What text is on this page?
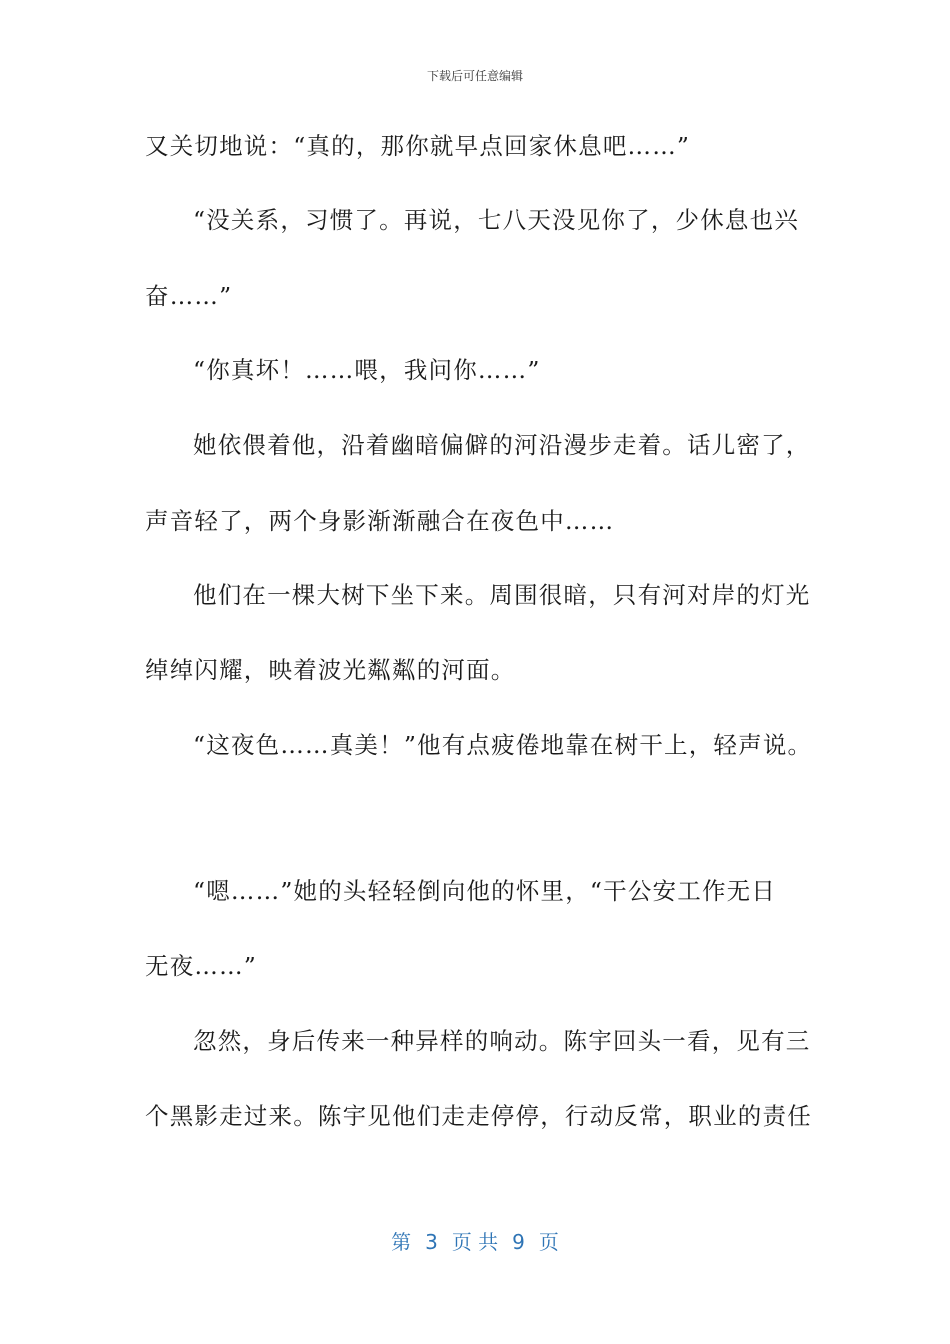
下载后可任意编辑
又关切地说：“真的，那你就早点回家休息吧……”
“没关系，习惯了。再说，七八天没见你了，少休息也兴
奋……”
“你真坏！……喂，我问你……”
她依偎着他，沿着幽暗偏僻的河沿漫步走着。话儿密了，
声音轻了，两个身影渐渐融合在夜色中……
他们在一棵大树下坐下来。周围很暗，只有河对岸的灯光
绰绰闪耀，映着波光粼粼的河面。
“这夜色……真美！”他有点疲倦地靠在树干上，轻声说。
“嗯……”她的头轻轻倒向他的怀里，“干公安工作无日
无夜……”
忽然，身后传来一种异样的响动。陈宇回头一看，见有三
个黑影走过来。陈宇见他们走走停停，行动反常，职业的责任
第 3 页 共 9 页
